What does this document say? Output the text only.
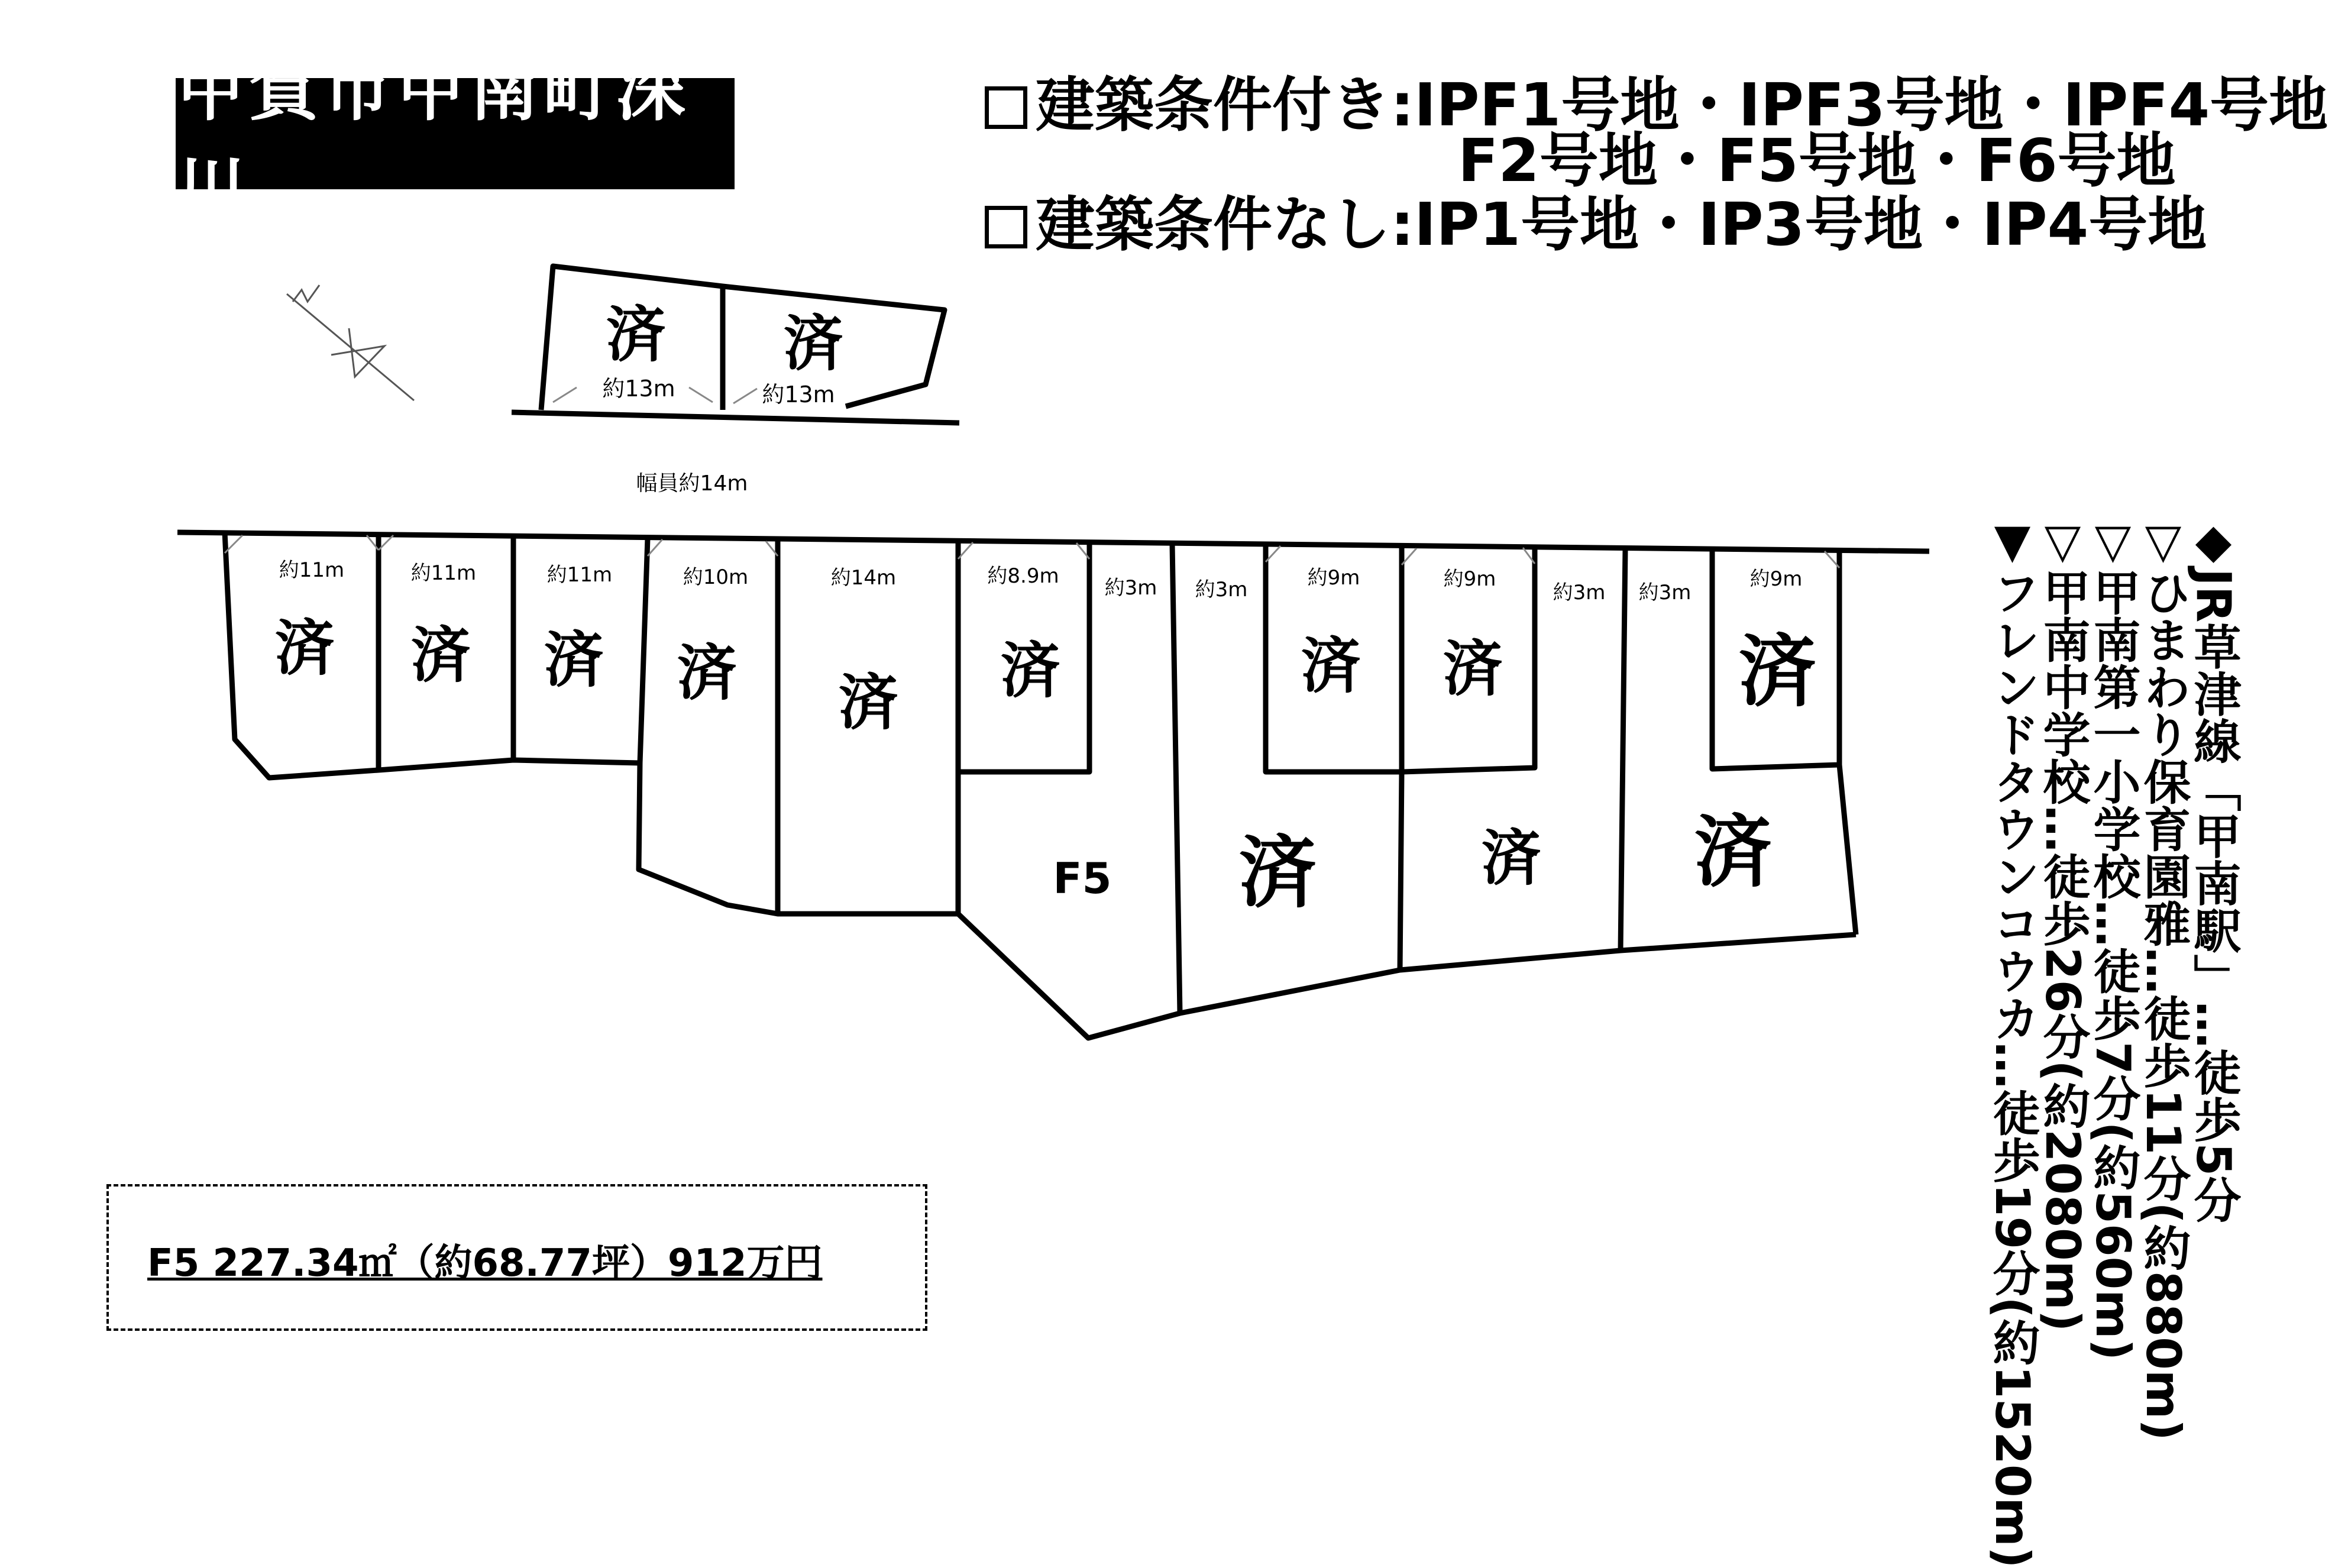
甲賀市甲南町深川
建築条件付き:IPF1号地・IPF3号地・IPF4号地
F2号地・F5号地・F6号地
建築条件なし:IP1号地・IP3号地・IP4号地
済 済
約13m	約13m
幅員約14m
約11m	約11m	約11m	約10m	約14m	約8.9m 約3m 約3m	約9m	約9m
約3m 約3m
約9m
済 済 済 済 済 済	済 済	済
済	済 済
F5
F5 227.34㎡（約68.77坪）912万円
◆JR草津線「甲南駅」…徒歩5分
▽ひまわり保育園雅…徒歩11分(約880m)
▽甲南第一小学校…徒歩7分(約560m)
▽甲南中学校…徒歩26分(約2080m)
▼フレンドタウンコウカ…徒歩19分(約1520m)
